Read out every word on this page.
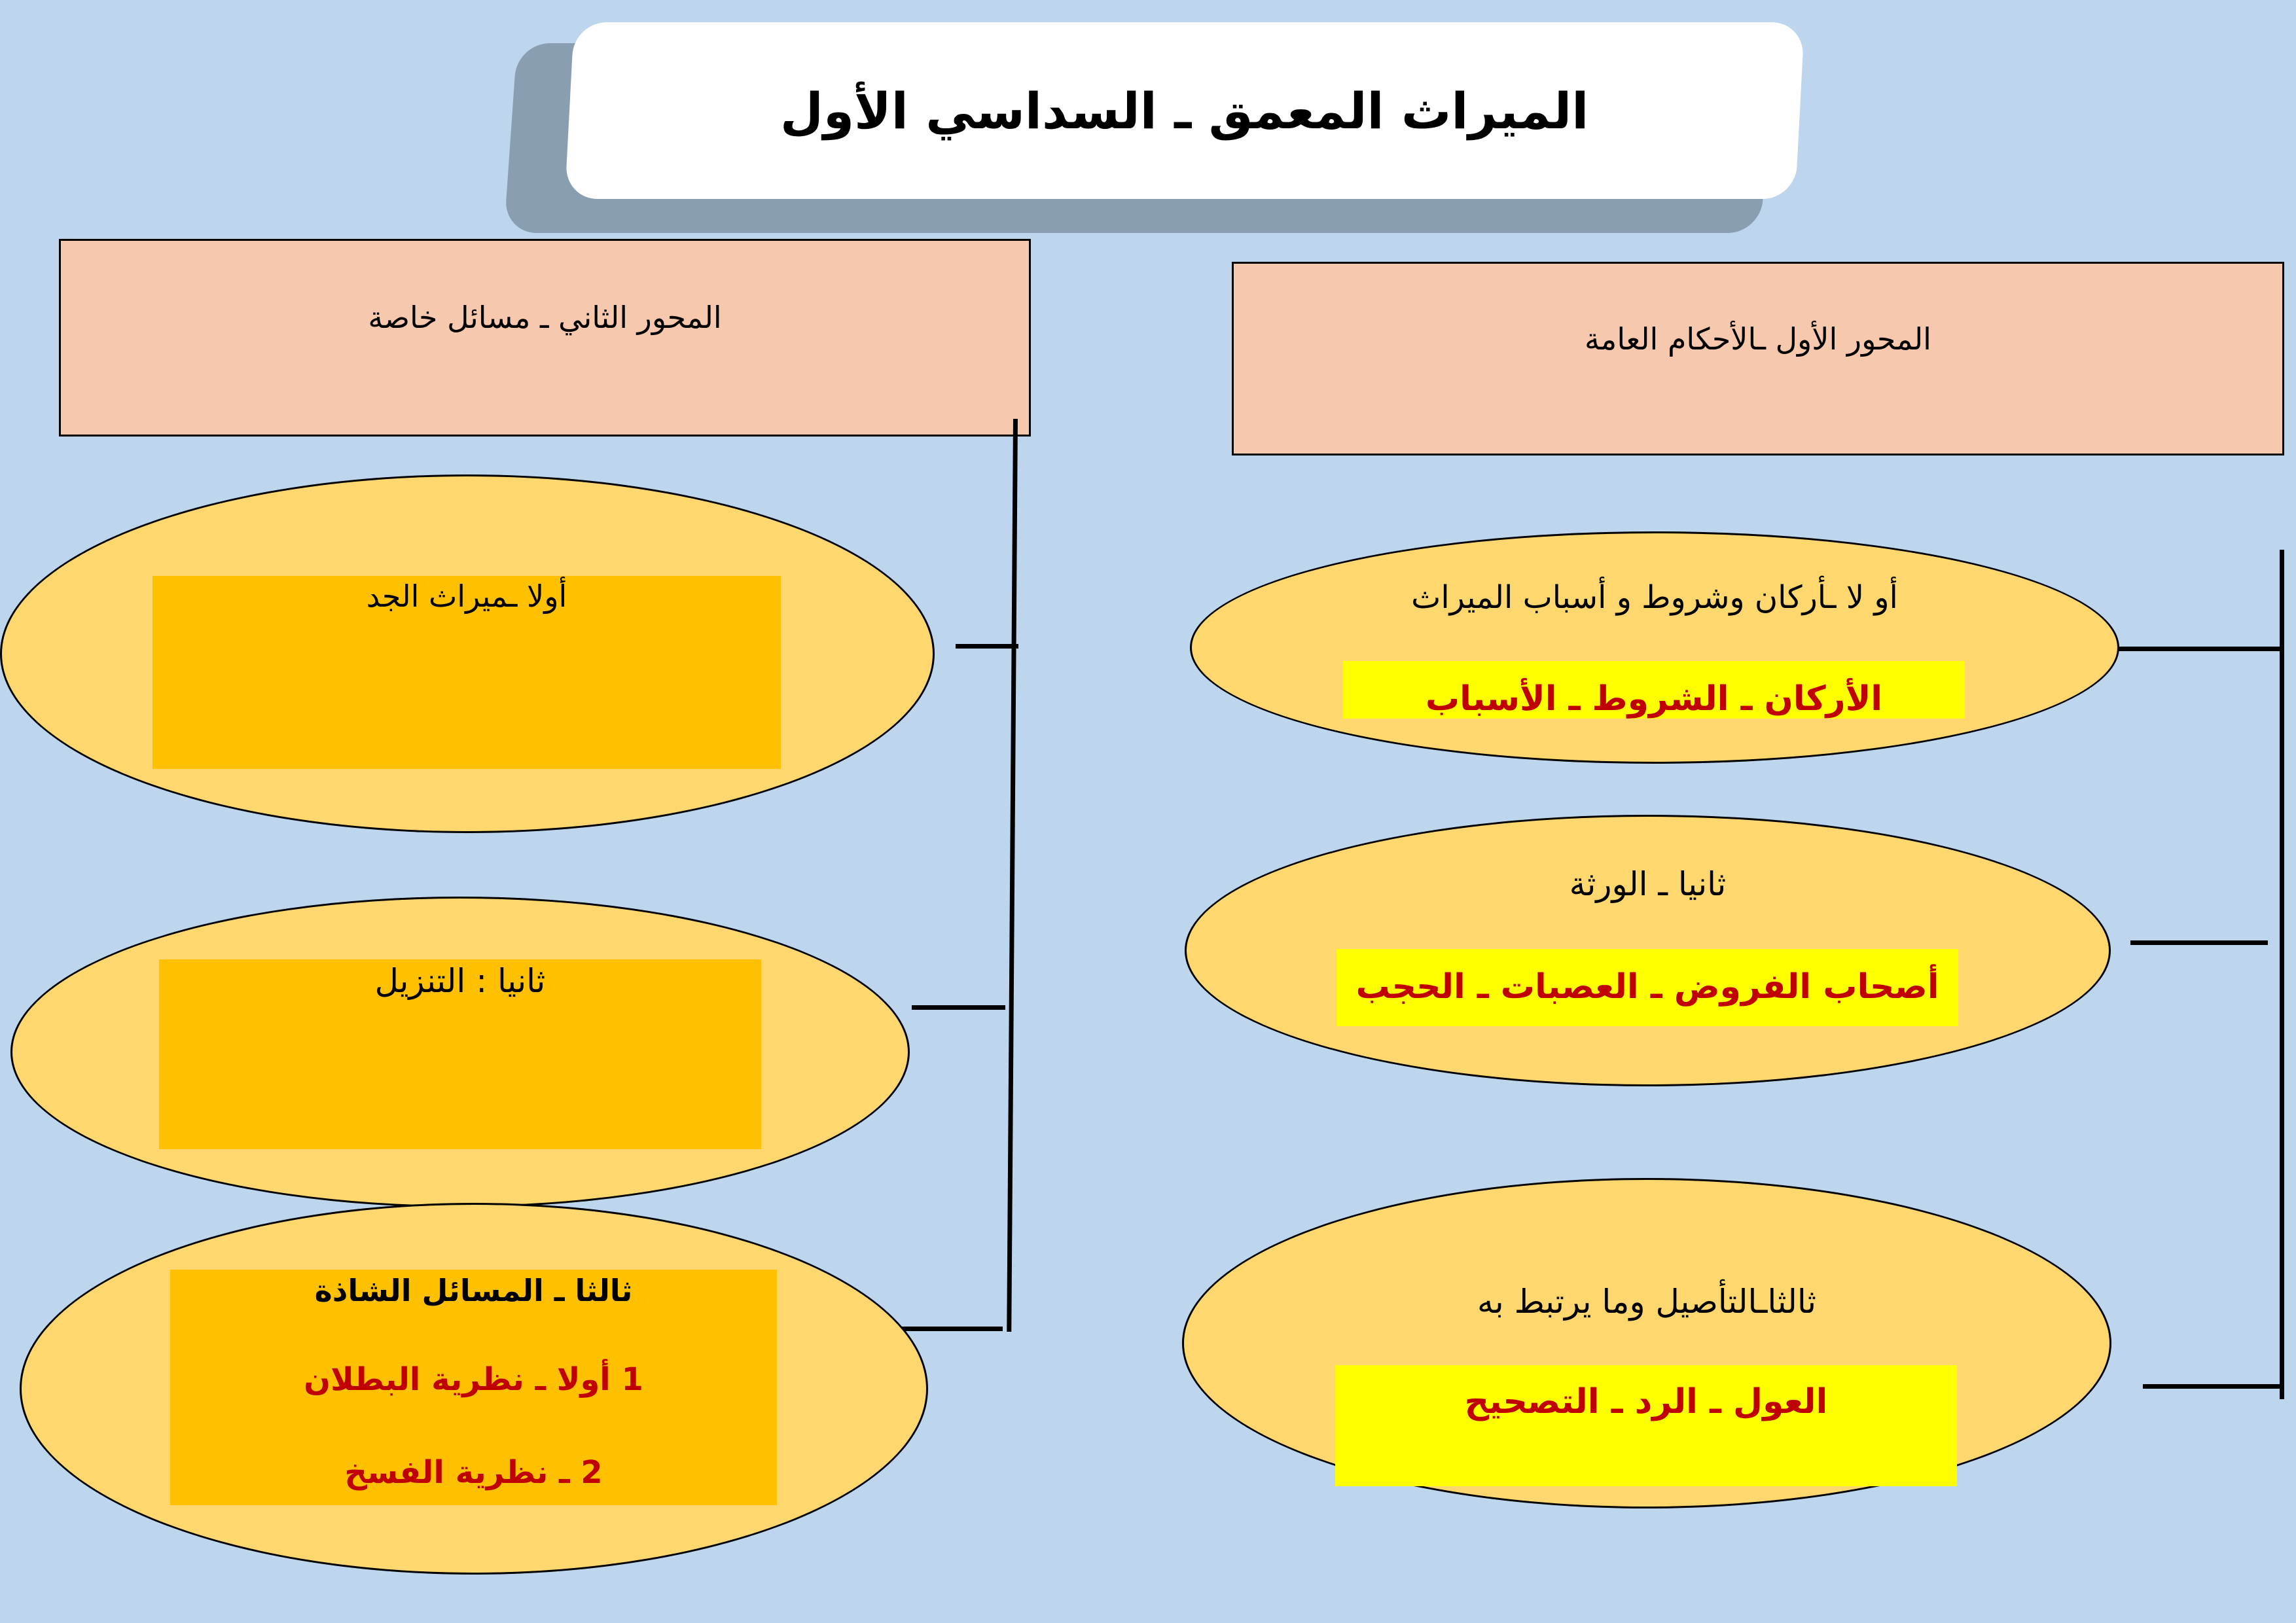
الميراث المعمق ـ السداسي الأول
المحور الثاني ـ مسائل خاصة
المحور الأول ـالأحكام العامة
أولا ـميراث الجد
ثانيا : التنزيل
ثالثا ـ المسائل الشاذة
1 أولا ـ نظرية البطلان
2 ـ نظرية الفسخ
الأركان ـ الشروط ـ الأسباب
أو لا ـأركان وشروط و أسباب الميراث
أصحاب الفروض ـ العصبات ـ الحجب
ثانيا ـ الورثة
العول ـ الرد ـ التصحيح
ثالثاـالتأصيل وما يرتبط به
